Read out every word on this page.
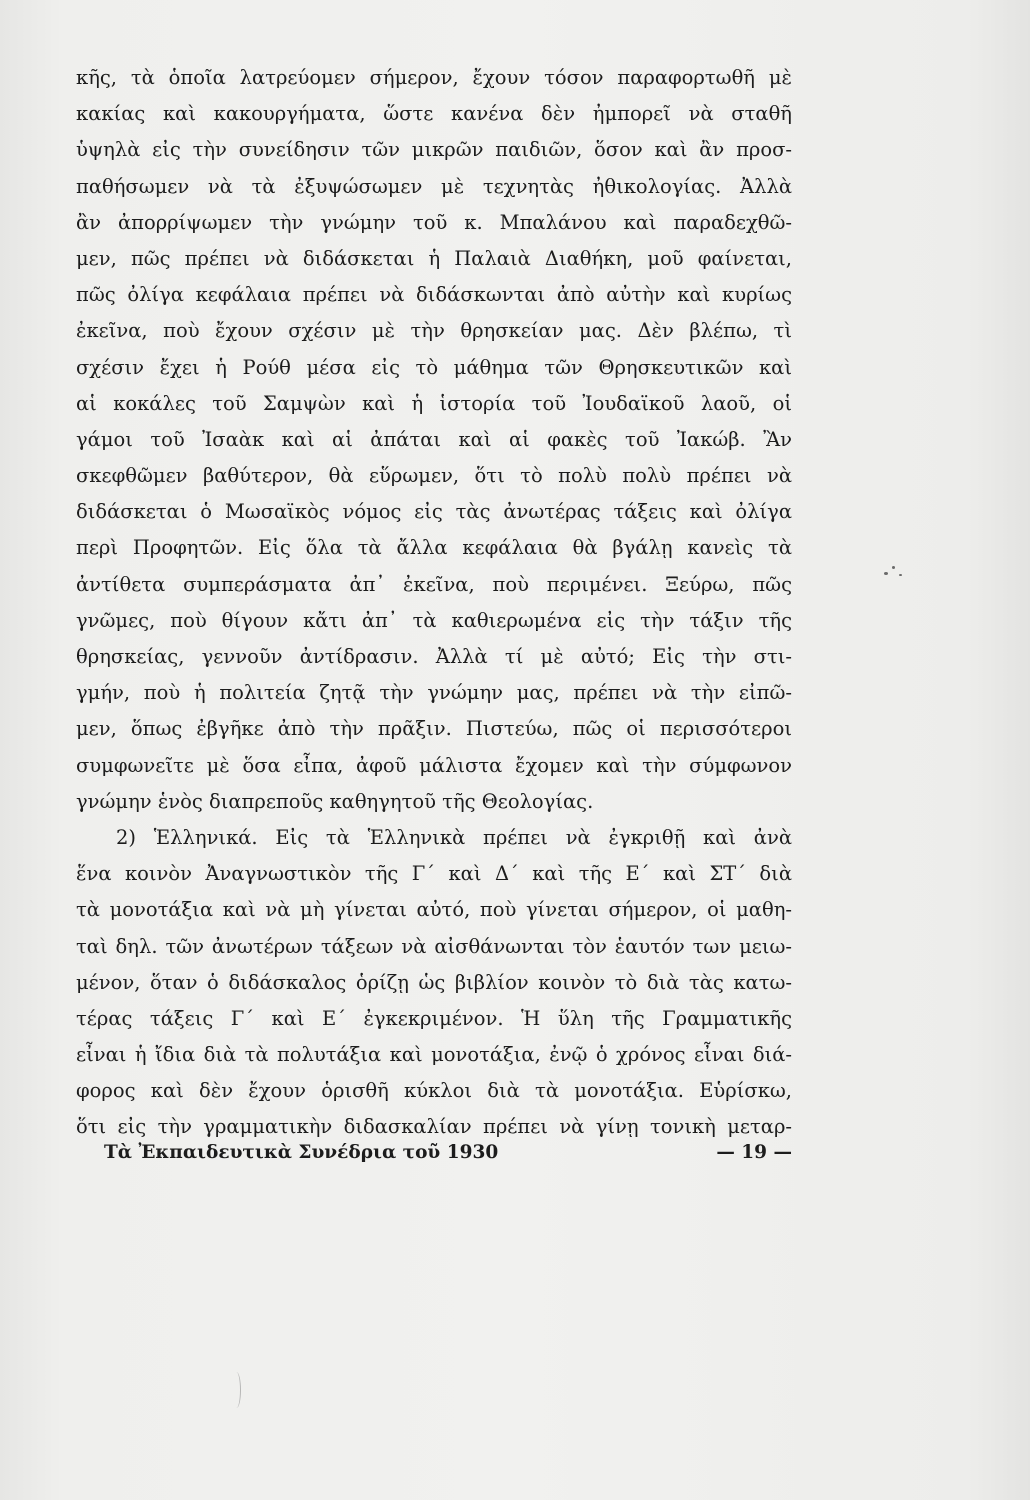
κῆς, τὰ ὁποῖα λατρεύομεν σήμερον, ἔχουν τόσον παραφορτωθῆ μὲ
κακίας καὶ κακουργήματα, ὥστε κανένα δὲν ἠμπορεῖ νὰ σταθῆ
ὑψηλὰ εἰς τὴν συνείδησιν τῶν μικρῶν παιδιῶν, ὅσον καὶ ἂν προσ-
παθήσωμεν νὰ τὰ ἐξυψώσωμεν μὲ τεχνητὰς ἠθικολογίας. Ἀλλὰ
ἂν ἀπορρίψωμεν τὴν γνώμην τοῦ κ. Μπαλάνου καὶ παραδεχθῶ-
μεν, πῶς πρέπει νὰ διδάσκεται ἡ Παλαιὰ Διαθήκη, μοῦ φαίνεται,
πῶς ὀλίγα κεφάλαια πρέπει νὰ διδάσκωνται ἀπὸ αὐτὴν καὶ κυρίως
ἐκεῖνα, ποὺ ἔχουν σχέσιν μὲ τὴν θρησκείαν μας. Δὲν βλέπω, τὶ
σχέσιν ἔχει ἡ Ρούθ μέσα εἰς τὸ μάθημα τῶν Θρησκευτικῶν καὶ
αἱ κοκάλες τοῦ Σαμψὼν καὶ ἡ ἱστορία τοῦ Ἰουδαϊκοῦ λαοῦ, οἱ
γάμοι τοῦ Ἰσαὰκ καὶ αἱ ἀπάται καὶ αἱ φακὲς τοῦ Ἰακώβ. Ἂν
σκεφθῶμεν βαθύτερον, θὰ εὕρωμεν, ὅτι τὸ πολὺ πολὺ πρέπει νὰ
διδάσκεται ὁ Μωσαϊκὸς νόμος εἰς τὰς ἀνωτέρας τάξεις καὶ ὀλίγα
περὶ Προφητῶν. Εἰς ὅλα τὰ ἄλλα κεφάλαια θὰ βγάλῃ κανεὶς τὰ
ἀντίθετα συμπεράσματα ἀπ᾽ ἐκεῖνα, ποὺ περιμένει. Ξεύρω, πῶς
γνῶμες, ποὺ θίγουν κἄτι ἀπ᾽ τὰ καθιερωμένα εἰς τὴν τάξιν τῆς
θρησκείας, γεννοῦν ἀντίδρασιν. Ἀλλὰ τί μὲ αὐτό; Εἰς τὴν στι-
γμήν, ποὺ ἡ πολιτεία ζητᾷ τὴν γνώμην μας, πρέπει νὰ τὴν εἰπῶ-
μεν, ὅπως ἐβγῆκε ἀπὸ τὴν πρᾶξιν. Πιστεύω, πῶς οἱ περισσότεροι
συμφωνεῖτε μὲ ὅσα εἶπα, ἀφοῦ μάλιστα ἔχομεν καὶ τὴν σύμφωνον
γνώμην ἑνὸς διαπρεποῦς καθηγητοῦ τῆς Θεολογίας.
2) Ἑλληνικά. Εἰς τὰ Ἑλληνικὰ πρέπει νὰ ἐγκριθῇ καὶ ἀνὰ
ἕνα κοινὸν Ἀναγνωστικὸν τῆς Γ΄ καὶ Δ΄ καὶ τῆς Ε΄ καὶ ΣΤ΄ διὰ
τὰ μονοτάξια καὶ νὰ μὴ γίνεται αὐτό, ποὺ γίνεται σήμερον, οἱ μαθη-
ταὶ δηλ. τῶν ἀνωτέρων τάξεων νὰ αἰσθάνωνται τὸν ἑαυτόν των μειω-
μένον, ὅταν ὁ διδάσκαλος ὁρίζῃ ὡς βιβλίον κοινὸν τὸ διὰ τὰς κατω-
τέρας τάξεις Γ΄ καὶ Ε΄ ἐγκεκριμένον. Ἡ ὕλη τῆς Γραμματικῆς
εἶναι ἡ ἴδια διὰ τὰ πολυτάξια καὶ μονοτάξια, ἐνῷ ὁ χρόνος εἶναι διά-
φορος καὶ δὲν ἔχουν ὁρισθῆ κύκλοι διὰ τὰ μονοτάξια. Εὑρίσκω,
ὅτι εἰς τὴν γραμματικὴν διδασκαλίαν πρέπει νὰ γίνῃ τονικὴ μεταρ-
Τὰ Ἐκπαιδευτικὰ Συνέδρια τοῦ 1930	— 19 —
